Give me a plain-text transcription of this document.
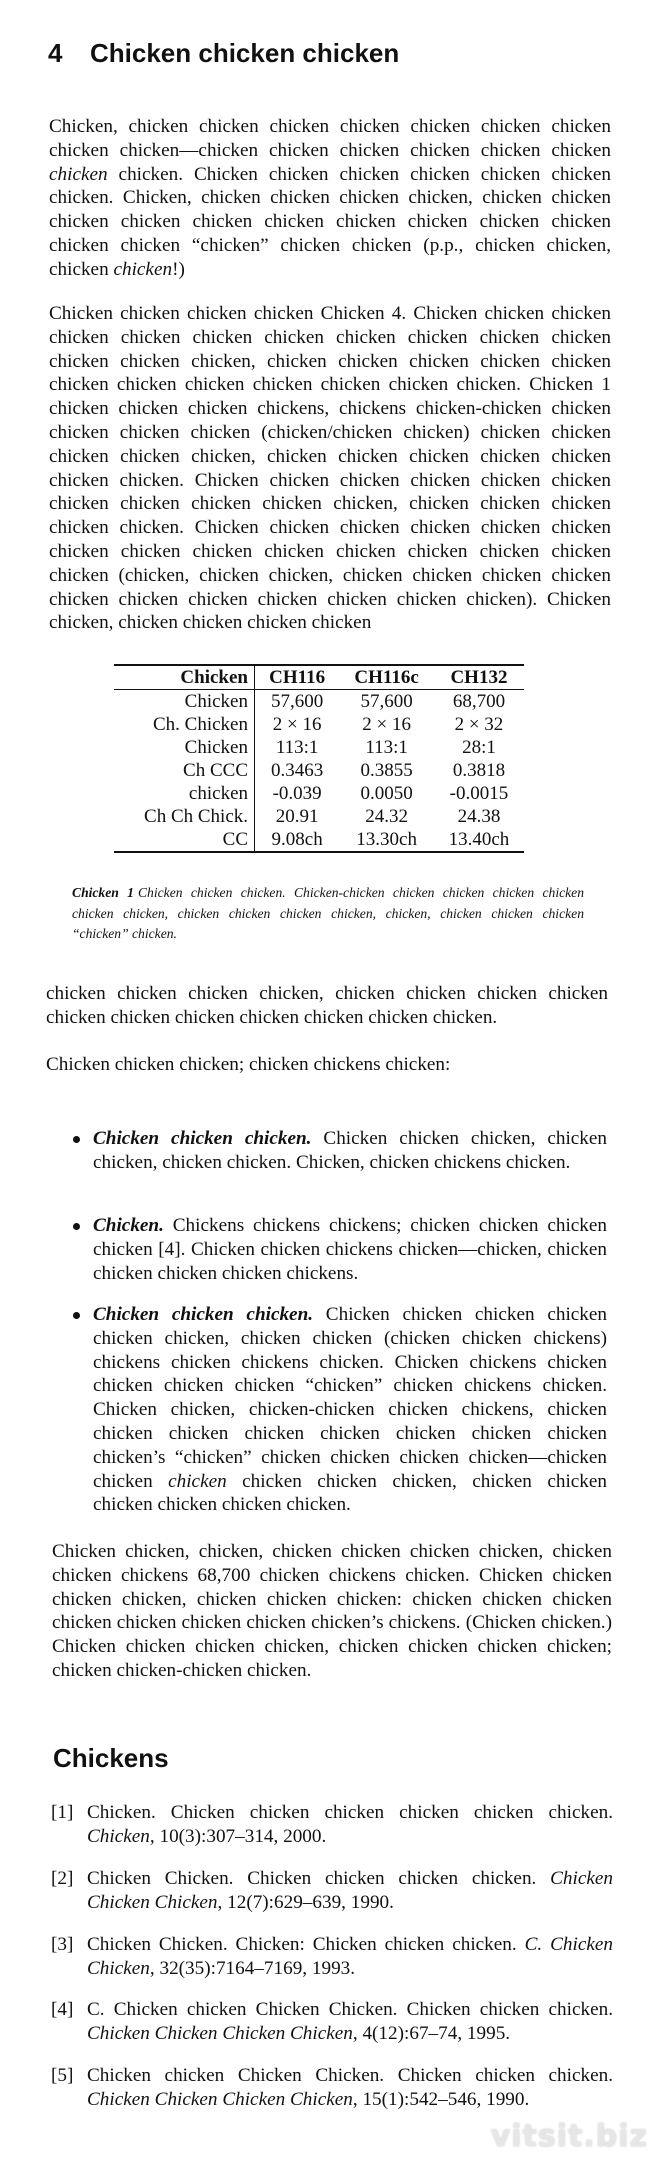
4 Chicken chicken chicken

Chicken, chicken chicken chicken chicken chicken chicken chicken chicken chicken—chicken chicken chicken chicken chicken chicken chicken chicken. Chicken chicken chicken chicken chicken chicken chicken. Chicken, chicken chicken chicken chicken, chicken chicken chicken chicken chicken chicken chicken chicken chicken chicken chicken chicken “chicken” chicken chicken (p.p., chicken chicken, chicken chicken!)

Chicken chicken chicken chicken Chicken 4. Chicken chicken chicken chicken chicken chicken chicken chicken chicken chicken chicken chicken chicken chicken, chicken chicken chicken chicken chicken chicken chicken chicken chicken chicken chicken chicken. Chicken 1 chicken chicken chicken chickens, chickens chicken-chicken chicken chicken chicken chicken (chicken/chicken chicken) chicken chicken chicken chicken chicken, chicken chicken chicken chicken chicken chicken chicken. Chicken chicken chicken chicken chicken chicken chicken chicken chicken chicken chicken, chicken chicken chicken chicken chicken. Chicken chicken chicken chicken chicken chicken chicken chicken chicken chicken chicken chicken chicken chicken chicken (chicken, chicken chicken, chicken chicken chicken chicken chicken chicken chicken chicken chicken chicken chicken). Chicken chicken, chicken chicken chicken chicken

Chicken	CH116	CH116c	CH132
Chicken	57,600	57,600	68,700
Ch. Chicken	2 × 16	2 × 16	2 × 32
Chicken	113:1	113:1	28:1
Ch CCC	0.3463	0.3855	0.3818
chicken	-0.039	0.0050	-0.0015
Ch Ch Chick.	20.91	24.32	24.38
CC	9.08ch	13.30ch	13.40ch

Chicken 1 Chicken chicken chicken. Chicken-chicken chicken chicken chicken chicken chicken chicken, chicken chicken chicken chicken, chicken, chicken chicken chicken “chicken” chicken.

chicken chicken chicken chicken, chicken chicken chicken chicken chicken chicken chicken chicken chicken chicken chicken.

Chicken chicken chicken; chicken chickens chicken:

Chicken chicken chicken. Chicken chicken chicken, chicken chicken, chicken chicken. Chicken, chicken chickens chicken.
Chicken. Chickens chickens chickens; chicken chicken chicken chicken [4]. Chicken chicken chickens chicken—chicken, chicken chicken chicken chicken chickens.
Chicken chicken chicken. Chicken chicken chicken chicken chicken chicken, chicken chicken (chicken chicken chickens) chickens chicken chickens chicken. Chicken chickens chicken chicken chicken chicken “chicken” chicken chickens chicken. Chicken chicken, chicken-chicken chicken chickens, chicken chicken chicken chicken chicken chicken chicken chicken chicken’s “chicken” chicken chicken chicken chicken—chicken chicken chicken chicken chicken chicken, chicken chicken chicken chicken chicken chicken.

Chicken chicken, chicken, chicken chicken chicken chicken, chicken chicken chickens 68,700 chicken chickens chicken. Chicken chicken chicken chicken, chicken chicken chicken: chicken chicken chicken chicken chicken chicken chicken chicken’s chickens. (Chicken chicken.) Chicken chicken chicken chicken, chicken chicken chicken chicken; chicken chicken-chicken chicken.

Chickens
[1] Chicken. Chicken chicken chicken chicken chicken chicken. Chicken, 10(3):307–314, 2000.
[2] Chicken Chicken. Chicken chicken chicken chicken. Chicken Chicken Chicken, 12(7):629–639, 1990.
[3] Chicken Chicken. Chicken: Chicken chicken chicken. C. Chicken Chicken, 32(35):7164–7169, 1993.
[4] C. Chicken chicken Chicken Chicken. Chicken chicken chicken. Chicken Chicken Chicken Chicken, 4(12):67–74, 1995.
[5] Chicken chicken Chicken Chicken. Chicken chicken chicken. Chicken Chicken Chicken Chicken, 15(1):542–546, 1990.
vitsit.biz
